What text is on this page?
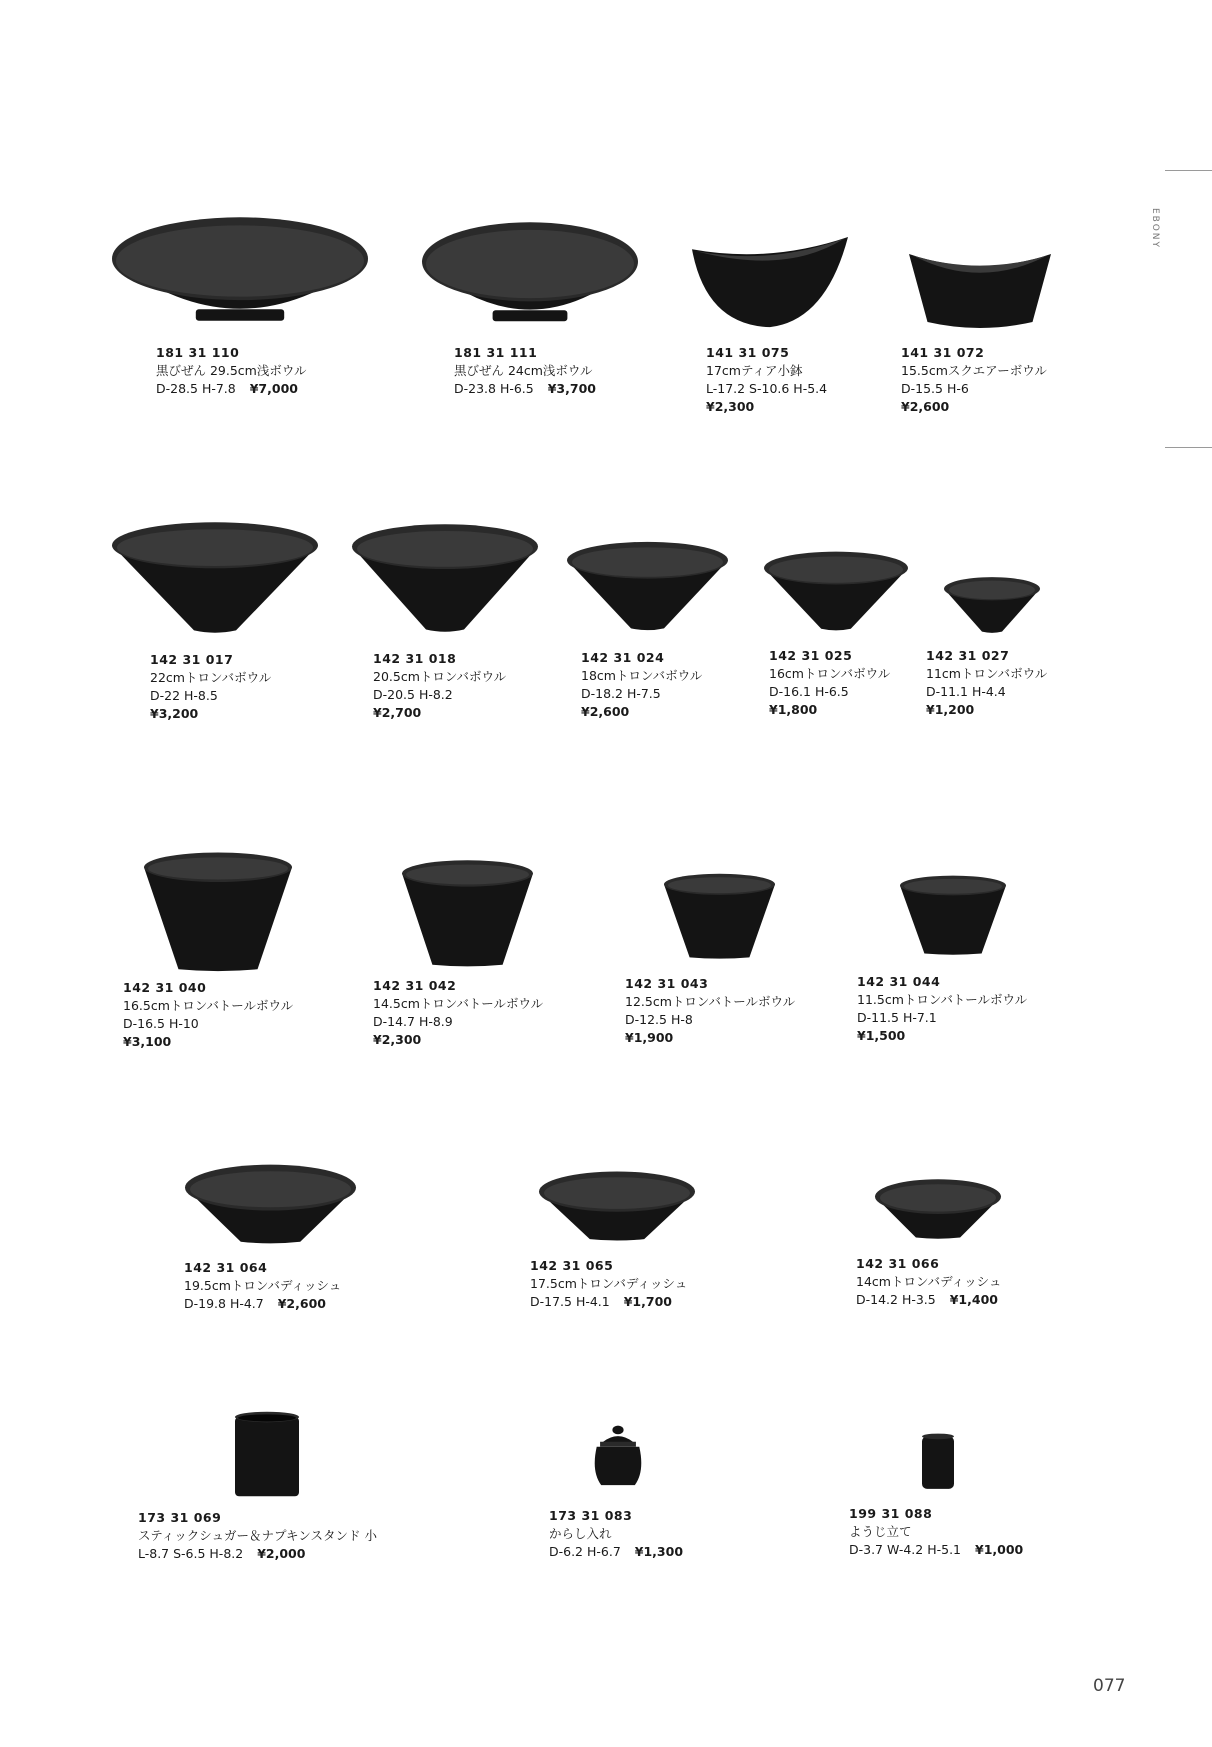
EBONY
181 31 110
黒びぜん 29.5cm浅ボウル
D-28.5 H-7.8 ¥7,000
181 31 111
黒びぜん 24cm浅ボウル
D-23.8 H-6.5 ¥3,700
141 31 075
17cmティア小鉢
L-17.2 S-10.6 H-5.4
¥2,300
141 31 072
15.5cmスクエアーボウル
D-15.5 H-6
¥2,600
142 31 017
22cmトロンバボウル
D-22 H-8.5
¥3,200
142 31 018
20.5cmトロンバボウル
D-20.5 H-8.2
¥2,700
142 31 024
18cmトロンバボウル
D-18.2 H-7.5
¥2,600
142 31 025
16cmトロンバボウル
D-16.1 H-6.5
¥1,800
142 31 027
11cmトロンバボウル
D-11.1 H-4.4
¥1,200
142 31 040
16.5cmトロンバトールボウル
D-16.5 H-10
¥3,100
142 31 042
14.5cmトロンバトールボウル
D-14.7 H-8.9
¥2,300
142 31 043
12.5cmトロンバトールボウル
D-12.5 H-8
¥1,900
142 31 044
11.5cmトロンバトールボウル
D-11.5 H-7.1
¥1,500
142 31 064
19.5cmトロンバディッシュ
D-19.8 H-4.7 ¥2,600
142 31 065
17.5cmトロンバディッシュ
D-17.5 H-4.1 ¥1,700
142 31 066
14cmトロンバディッシュ
D-14.2 H-3.5 ¥1,400
173 31 069
スティックシュガー＆ナプキンスタンド 小
L-8.7 S-6.5 H-8.2 ¥2,000
173 31 083
からし入れ
D-6.2 H-6.7 ¥1,300
199 31 088
ようじ立て
D-3.7 W-4.2 H-5.1 ¥1,000
077
